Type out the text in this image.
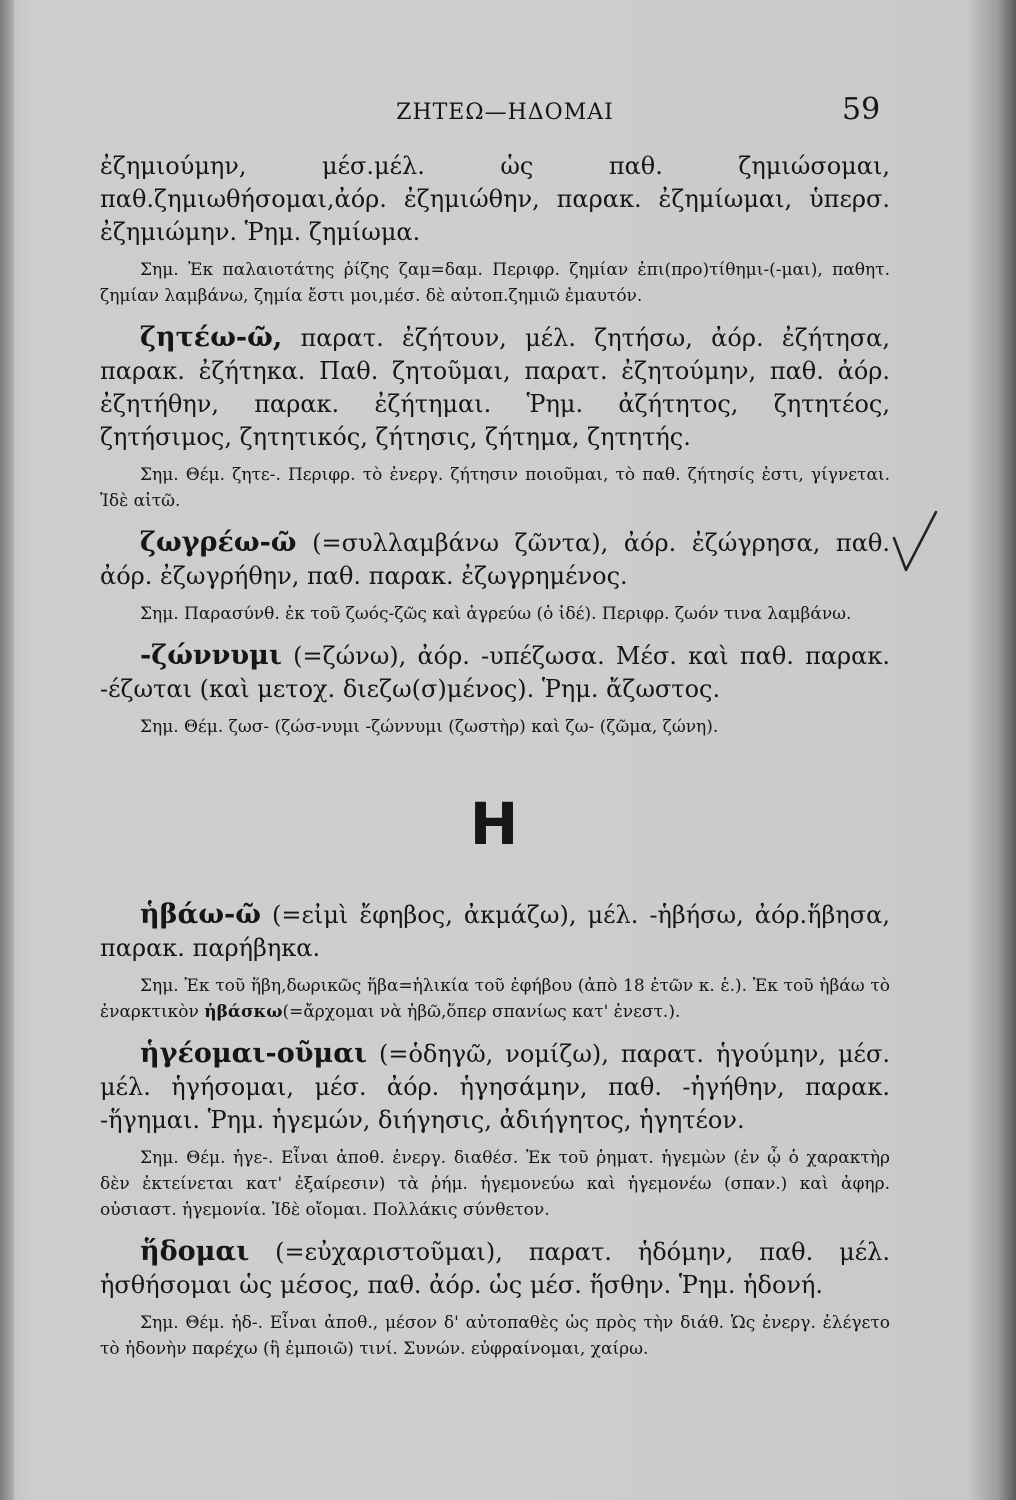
ΖΗΤΕΩ—ΗΔΟΜΑΙ	59

ἐζημιούμην, μέσ.μέλ. ὡς παθ. ζημιώσομαι, παθ.ζημιωθήσομαι,ἀόρ. ἐζημιώθην, παρακ. ἐζημίωμαι, ὑπερσ. ἐζημιώμην. Ῥημ. ζημίωμα.

Σημ. Ἐκ παλαιοτάτης ῥίζης ζαμ=δαμ. Περιφρ. ζημίαν ἐπι(προ)τίθημι-(-μαι), παθητ. ζημίαν λαμβάνω, ζημία ἔστι μοι,μέσ. δὲ αὐτοπ.ζημιῶ ἐμαυτόν.

ζητέω-ῶ, παρατ. ἐζήτουν, μέλ. ζητήσω, ἀόρ. ἐζήτησα, παρακ. ἐζήτηκα. Παθ. ζητοῦμαι, παρατ. ἐζητούμην, παθ. ἀόρ. ἐζητήθην, παρακ. ἐζήτημαι. Ῥημ. ἀζήτητος, ζητητέος, ζητήσιμος, ζητητικός, ζήτησις, ζήτημα, ζητητής.

Σημ. Θέμ. ζητε-. Περιφρ. τὸ ἐνεργ. ζήτησιν ποιοῦμαι, τὸ παθ. ζήτησίς ἐστι, γίγνεται. Ἰδὲ αἰτῶ.

ζωγρέω-ῶ (=συλλαμβάνω ζῶντα), ἀόρ. ἐζώγρησα, παθ. ἀόρ. ἐζωγρήθην, παθ. παρακ. ἐζωγρημένος.

Σημ. Παρασύνθ. ἐκ τοῦ ζωός-ζῶς καὶ ἀγρεύω (ὁ ἰδέ). Περιφρ. ζωόν τινα λαμβάνω.

-ζώννυμι (=ζώνω), ἀόρ. -υπέζωσα. Μέσ. καὶ παθ. παρακ. -έζωται (καὶ μετοχ. διεζω(σ)μένος). Ῥημ. ἄζωστος.

Σημ. Θέμ. ζωσ- (ζώσ-νυμι -ζώννυμι (ζωστὴρ) καὶ ζω- (ζῶμα, ζώνη).

Η

ἡβάω-ῶ (=εἰμὶ ἔφηβος, ἀκμάζω), μέλ. -ἡβήσω, ἀόρ.ἥβησα, παρακ. παρήβηκα.

Σημ. Ἐκ τοῦ ἥβη,δωρικῶς ἥβα=ἡλικία τοῦ ἐφήβου (ἀπὸ 18 ἐτῶν κ. ἑ.). Ἐκ τοῦ ἡβάω τὸ ἐναρκτικὸν ἡβάσκω(=ἄρχομαι νὰ ἡβῶ,ὅπερ σπανίως κατ' ἐνεστ.).

ἡγέομαι-οῦμαι (=ὁδηγῶ, νομίζω), παρατ. ἡγούμην, μέσ. μέλ. ἡγήσομαι, μέσ. ἀόρ. ἡγησάμην, παθ. -ἡγήθην, παρακ. -ἥγημαι. Ῥημ. ἡγεμών, διήγησις, ἀδιήγητος, ἡγητέον.

Σημ. Θέμ. ἡγε-. Εἶναι ἀποθ. ἐνεργ. διαθέσ. Ἐκ τοῦ ῥηματ. ἡγεμὼν (ἐν ᾧ ὁ χαρακτὴρ δὲν ἐκτείνεται κατ' ἐξαίρεσιν) τὰ ῥήμ. ἡγεμονεύω καὶ ἡγεμονέω (σπαν.) καὶ ἀφηρ. οὐσιαστ. ἡγεμονία. Ἰδὲ οἴομαι. Πολλάκις σύνθετον.

ἥδομαι (=εὐχαριστοῦμαι), παρατ. ἡδόμην, παθ. μέλ. ἡσθήσομαι ὡς μέσος, παθ. ἀόρ. ὡς μέσ. ἥσθην. Ῥημ. ἡδονή.

Σημ. Θέμ. ἡδ-. Εἶναι ἀποθ., μέσον δ' αὐτοπαθὲς ὡς πρὸς τὴν διάθ. Ὡς ἐνεργ. ἐλέγετο τὸ ἡδονὴν παρέχω (ἢ ἐμποιῶ) τινί. Συνών. εὐφραίνομαι, χαίρω.
